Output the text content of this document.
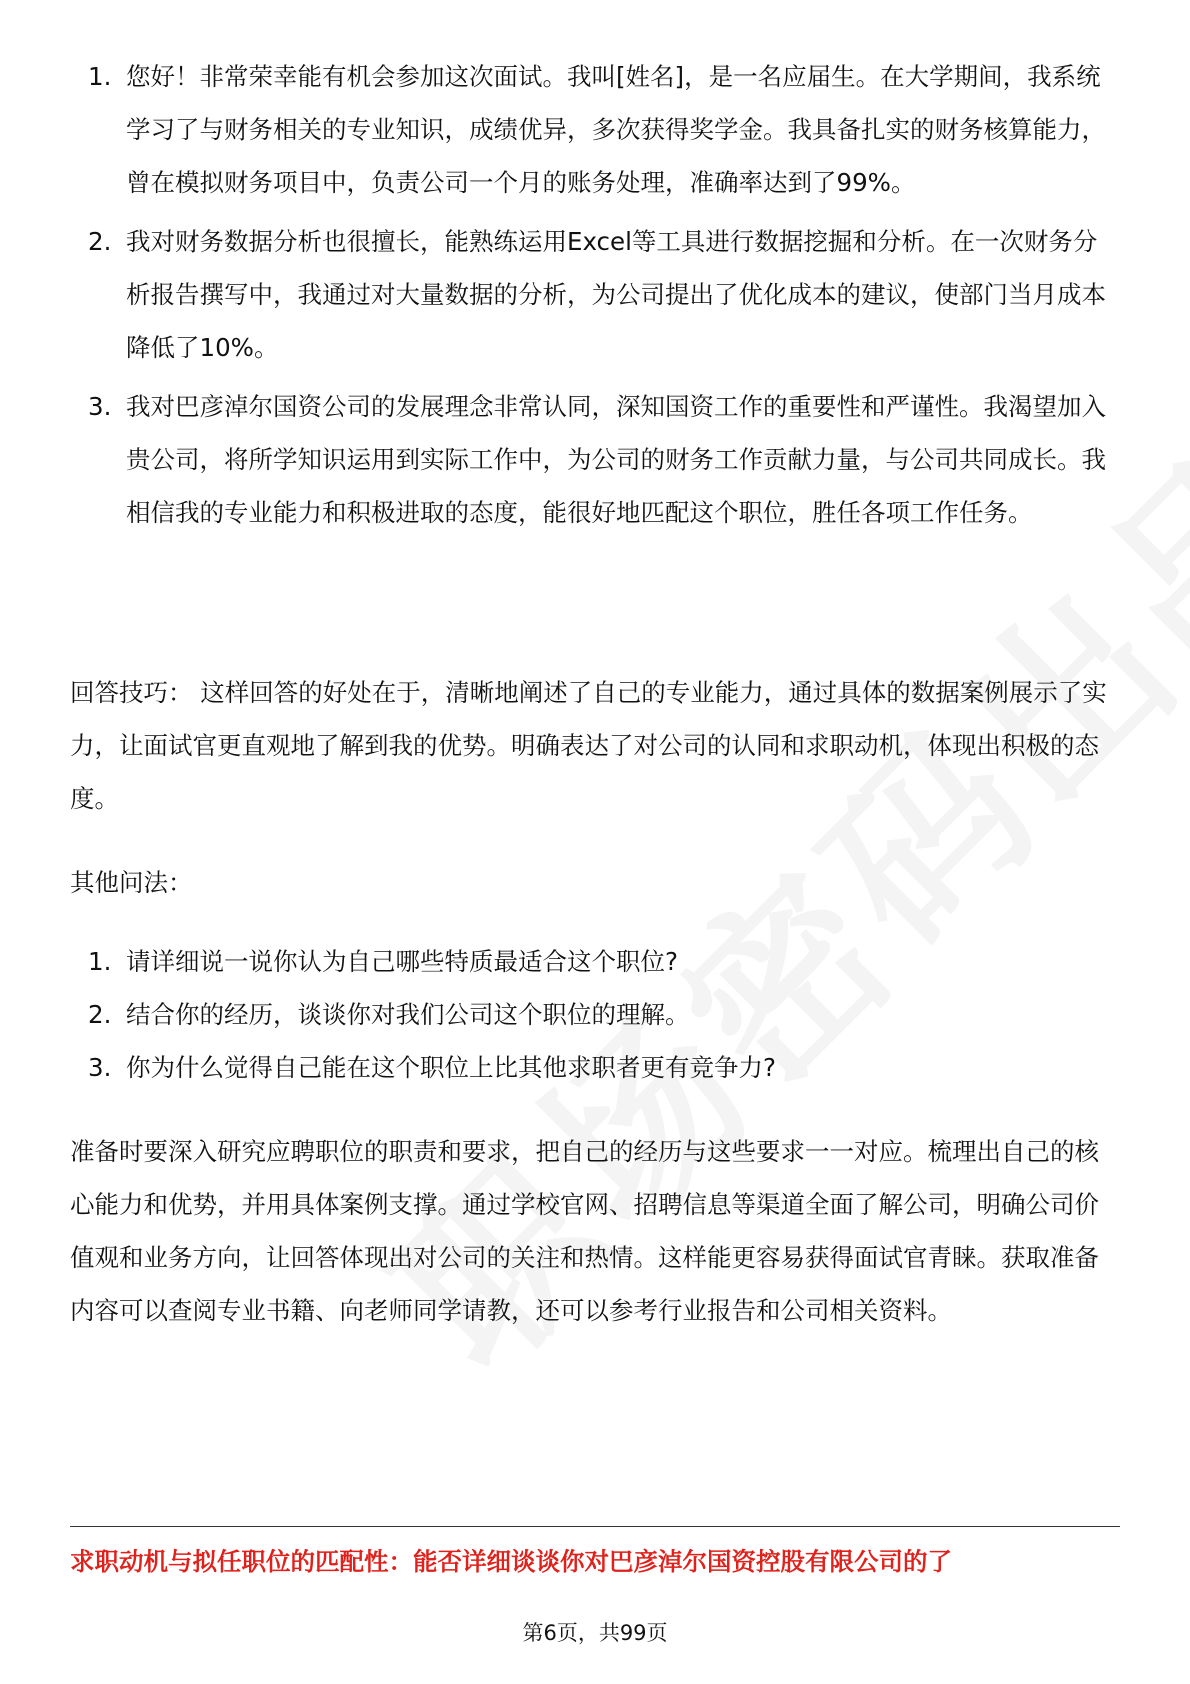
1. 您好！非常荣幸能有机会参加这次面试。我叫[姓名]，是一名应届生。在大学期间，我系统学习了与财务相关的专业知识，成绩优异，多次获得奖学金。我具备扎实的财务核算能力，曾在模拟财务项目中，负责公司一个月的账务处理，准确率达到了99%。
2. 我对财务数据分析也很擅长，能熟练运用Excel等工具进行数据挖掘和分析。在一次财务分析报告撰写中，我通过对大量数据的分析，为公司提出了优化成本的建议，使部门当月成本降低了10%。
3. 我对巴彦淖尔国资公司的发展理念非常认同，深知国资工作的重要性和严谨性。我渴望加入贵公司，将所学知识运用到实际工作中，为公司的财务工作贡献力量，与公司共同成长。我相信我的专业能力和积极进取的态度，能很好地匹配这个职位，胜任各项工作任务。

回答技巧： 这样回答的好处在于，清晰地阐述了自己的专业能力，通过具体的数据案例展示了实力，让面试官更直观地了解到我的优势。明确表达了对公司的认同和求职动机，体现出积极的态度。

其他问法：

1. 请详细说一说你认为自己哪些特质最适合这个职位?
2. 结合你的经历，谈谈你对我们公司这个职位的理解。
3. 你为什么觉得自己能在这个职位上比其他求职者更有竞争力?

准备时要深入研究应聘职位的职责和要求，把自己的经历与这些要求一一对应。梳理出自己的核心能力和优势，并用具体案例支撑。通过学校官网、招聘信息等渠道全面了解公司，明确公司价值观和业务方向，让回答体现出对公司的关注和热情。这样能更容易获得面试官青睐。获取准备内容可以查阅专业书籍、向老师同学请教，还可以参考行业报告和公司相关资料。

求职动机与拟任职位的匹配性：能否详细谈谈你对巴彦淖尔国资控股有限公司的了
第6页，共99页
